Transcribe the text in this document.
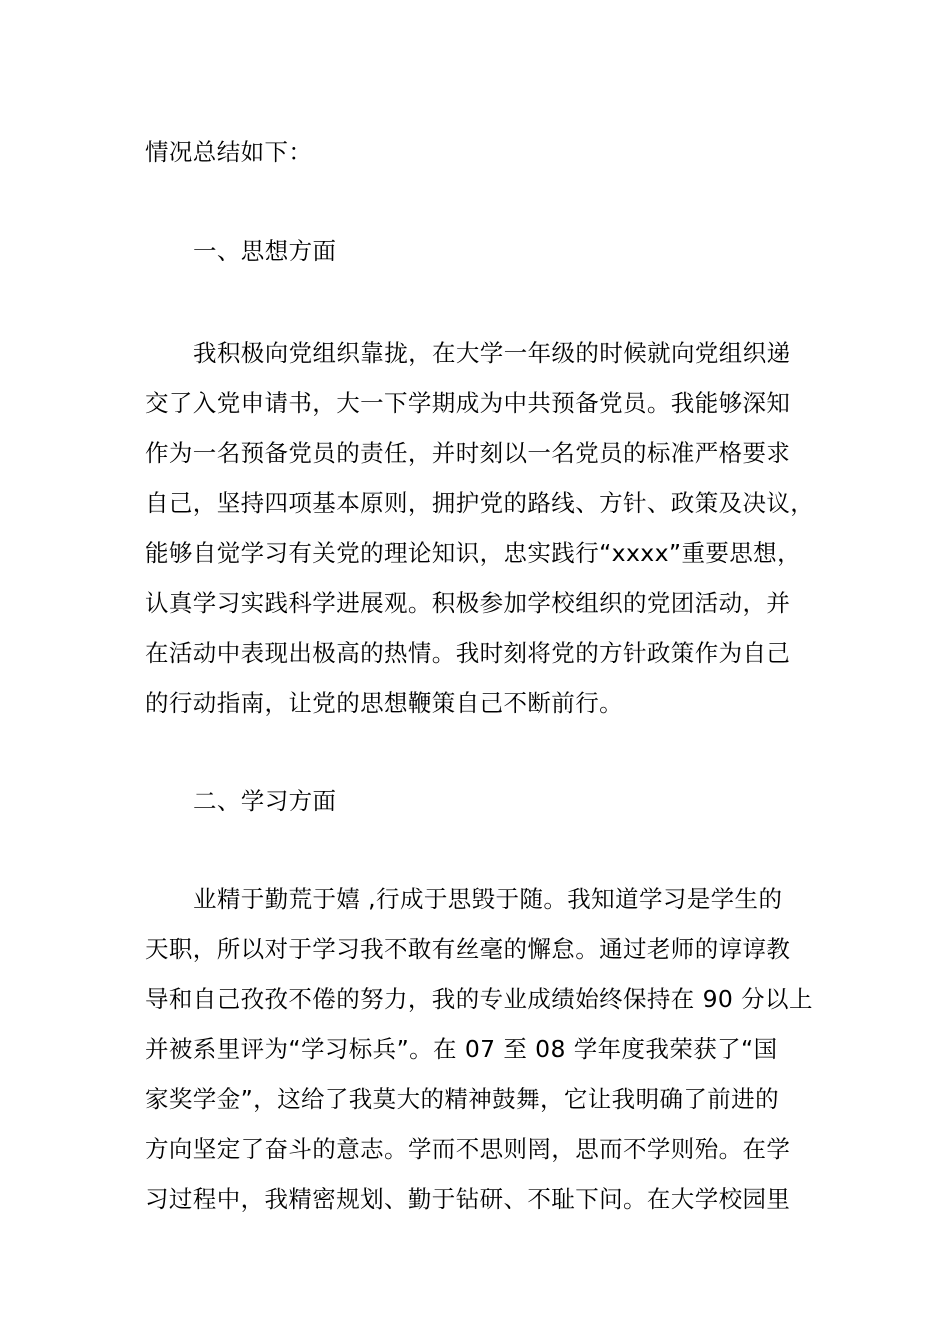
情况总结如下：
一、思想方面
我积极向党组织靠拢，在大学一年级的时候就向党组织递
交了入党申请书，大一下学期成为中共预备党员。我能够深知
作为一名预备党员的责任，并时刻以一名党员的标准严格要求
自己，坚持四项基本原则，拥护党的路线、方针、政策及决议，
能够自觉学习有关党的理论知识，忠实践行“xxxx”重要思想，
认真学习实践科学进展观。积极参加学校组织的党团活动，并
在活动中表现出极高的热情。我时刻将党的方针政策作为自己
的行动指南，让党的思想鞭策自己不断前行。
二、学习方面
业精于勤荒于嬉 ,行成于思毁于随。我知道学习是学生的
天职，所以对于学习我不敢有丝毫的懈怠。通过老师的谆谆教
导和自己孜孜不倦的努力，我的专业成绩始终保持在 90 分以上
并被系里评为“学习标兵”。在 07 至 08 学年度我荣获了“国
家奖学金”，这给了我莫大的精神鼓舞，它让我明确了前进的
方向坚定了奋斗的意志。学而不思则罔，思而不学则殆。在学
习过程中，我精密规划、勤于钻研、不耻下问。在大学校园里
